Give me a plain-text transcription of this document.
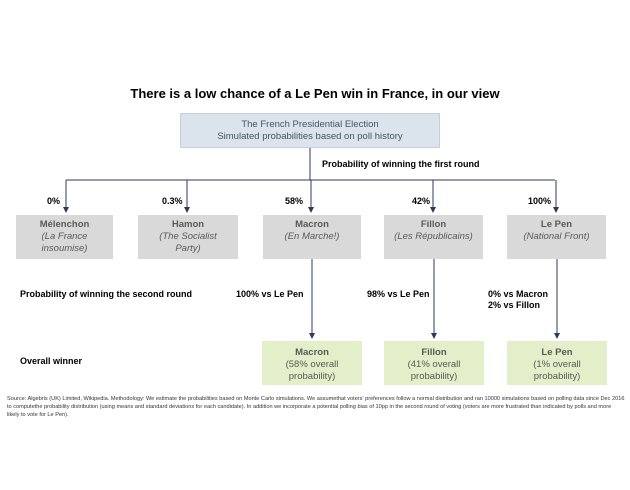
There is a low chance of a Le Pen win in France, in our view
The French Presidential Election
Simulated probabilities based on poll history
Probability of winning the first round
0%	0.3%	58%	42%	100%
Mélenchon
(La France
insoumise)
Hamon
(The Socialist
Party)
Macron
(En Marche!)
Fillon
(Les Républicains)
Le Pen
(National Front)
Probability of winning the second round	100% vs Le Pen	98% vs Le Pen	0% vs Macron
2% vs Fillon
Overall winner
Macron
(58% overall
probability)
Fillon
(41% overall
probability)
Le Pen
(1% overall
probability)
Source: Algebris (UK) Limited, Wikipedia. Methodology: We estimate the probabilities based on Monte Carlo simulations. We assumethat voters' preferences follow a normal distribution and ran 10000 simulations based on polling data since Dec 2016 to computethe probability distribution (using means and standard deviations for each candidate). In addition we incorporate a potential polling bias of 10pp in the second round of voting (voters are more frustrated than indicated by polls and more likely to vote for Le Pen).
